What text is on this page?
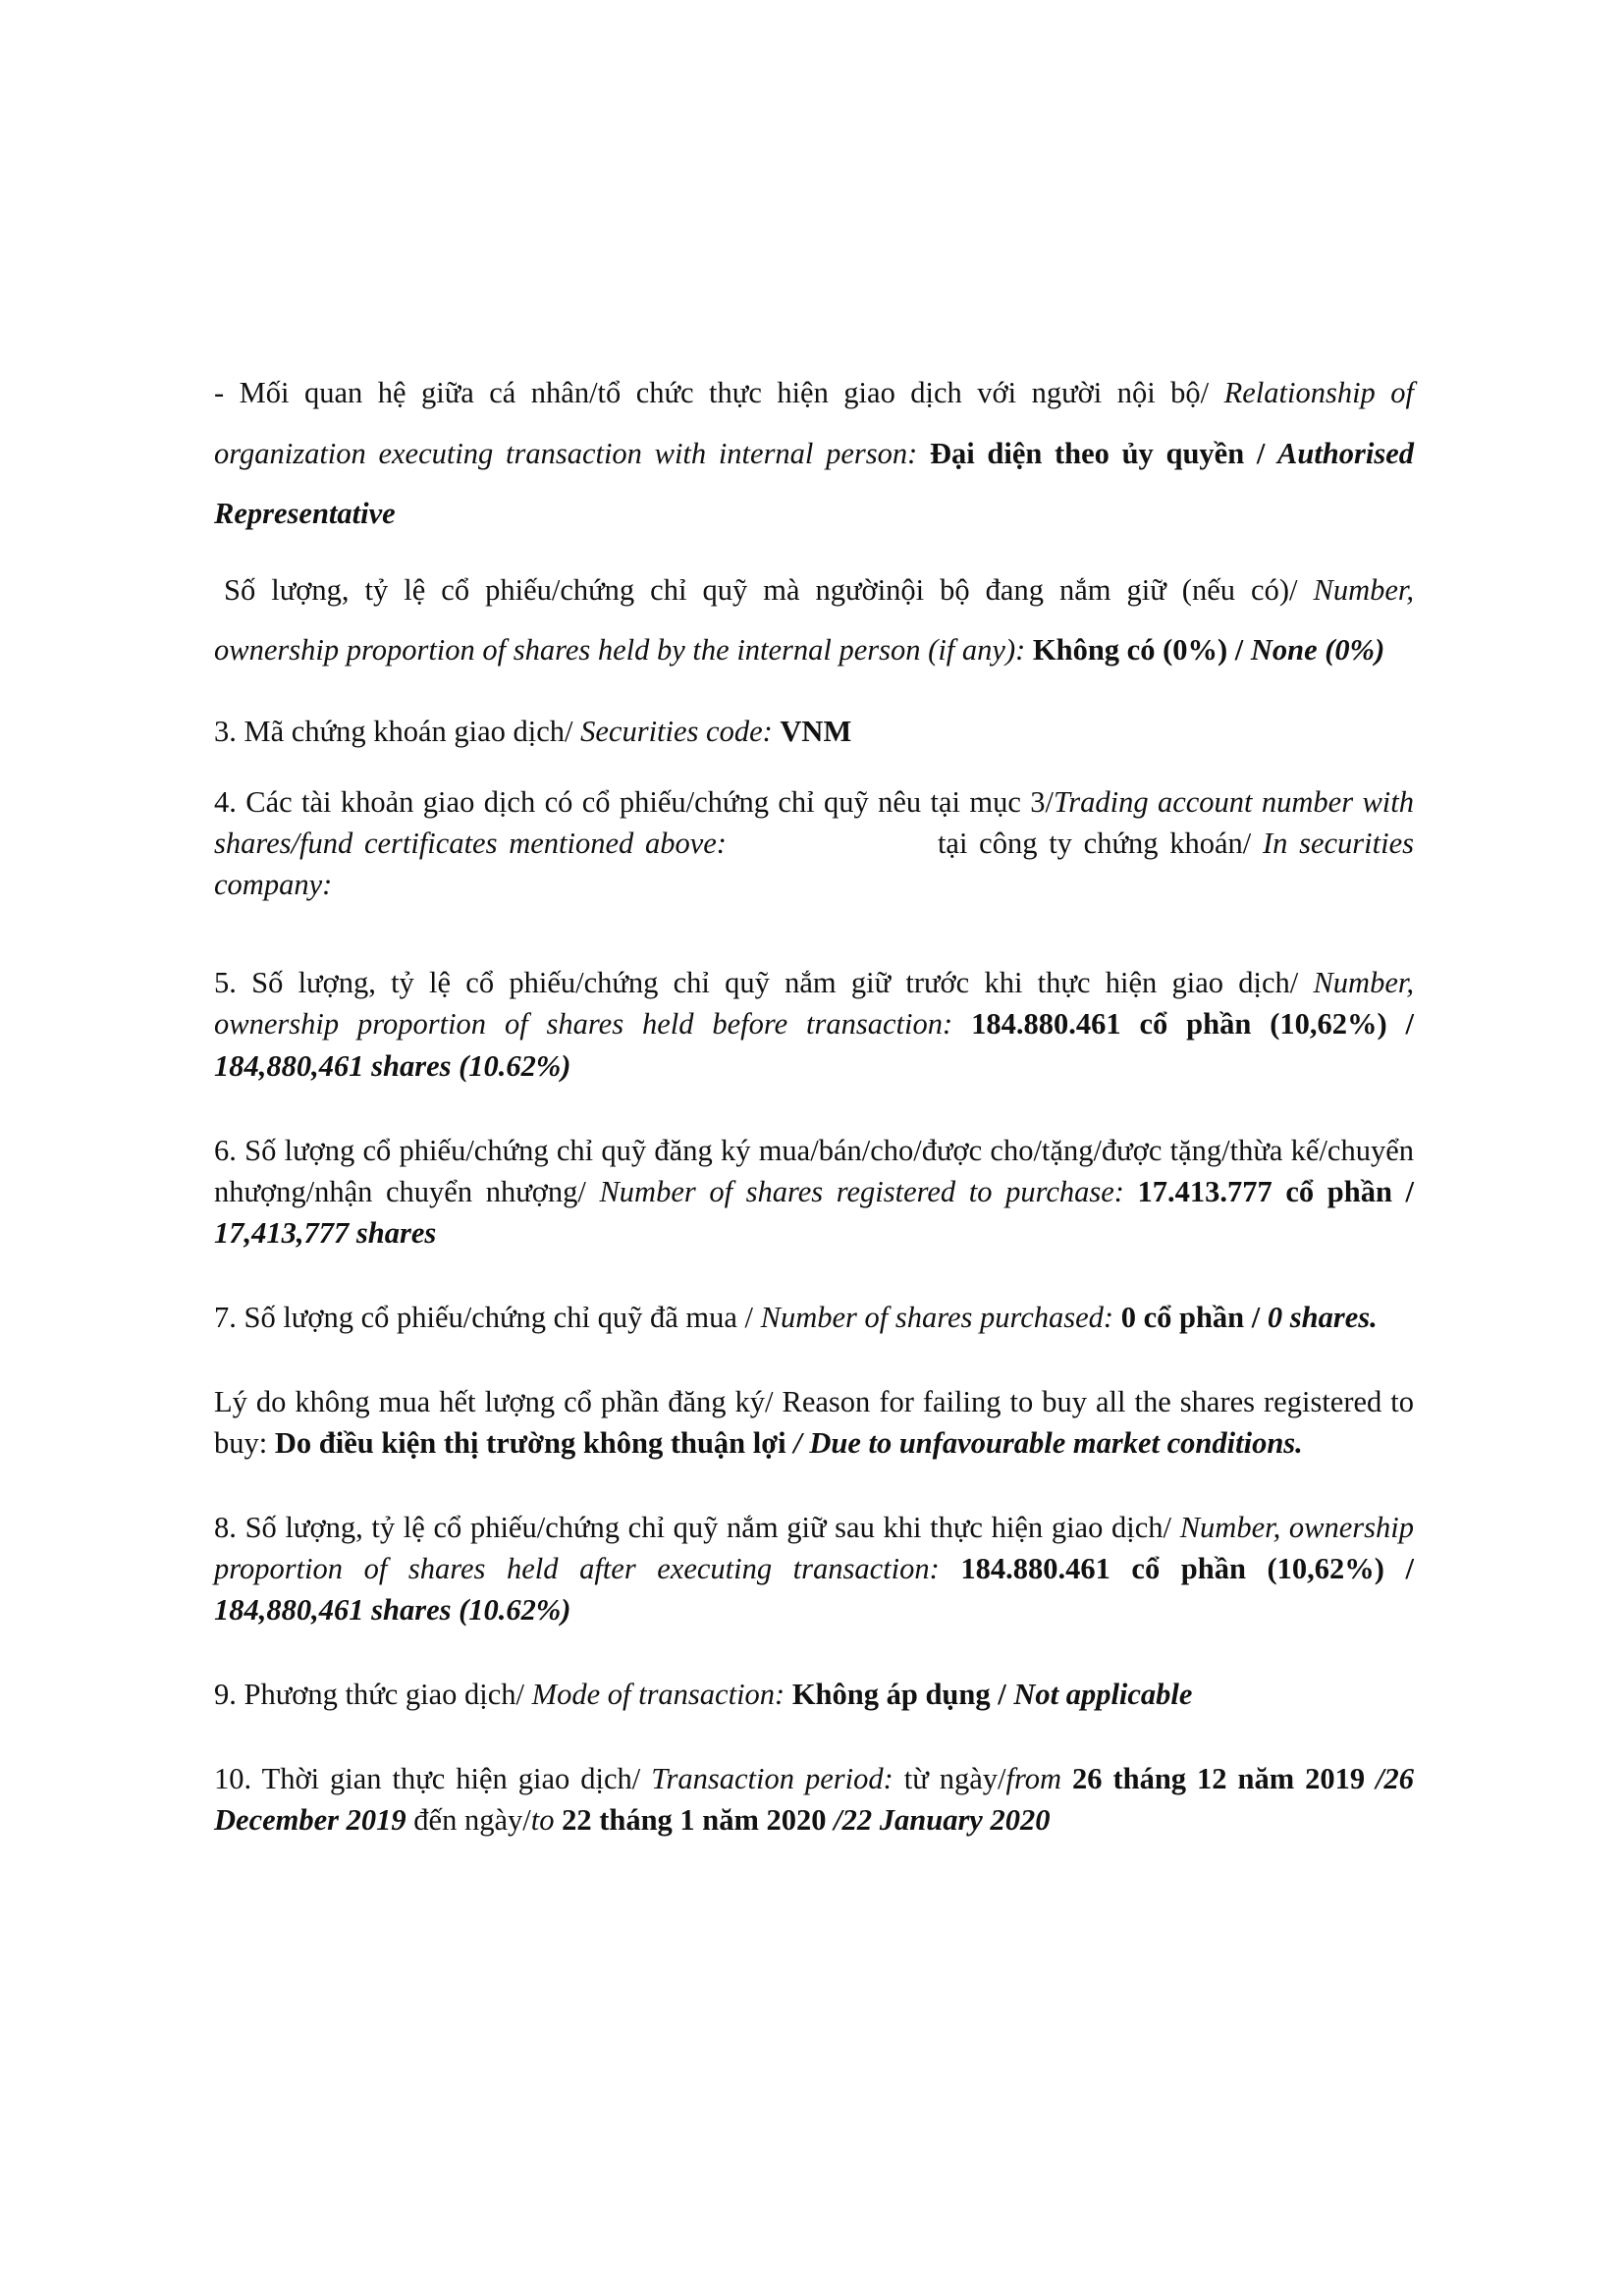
- Mối quan hệ giữa cá nhân/tổ chức thực hiện giao dịch với người nội bộ/ Relationship of organization executing transaction with internal person: Đại diện theo ủy quyền / Authorised Representative

Số lượng, tỷ lệ cổ phiếu/chứng chỉ quỹ mà ngườinội bộ đang nắm giữ (nếu có)/ Number, ownership proportion of shares held by the internal person (if any): Không có (0%) / None (0%)

3. Mã chứng khoán giao dịch/ Securities code: VNM

4. Các tài khoản giao dịch có cổ phiếu/chứng chỉ quỹ nêu tại mục 3/Trading account number with shares/fund certificates mentioned above:	tại công ty chứng khoán/ In securities company:

5. Số lượng, tỷ lệ cổ phiếu/chứng chỉ quỹ nắm giữ trước khi thực hiện giao dịch/ Number, ownership proportion of shares held before transaction: 184.880.461 cổ phần (10,62%) / 184,880,461 shares (10.62%)

6. Số lượng cổ phiếu/chứng chỉ quỹ đăng ký mua/bán/cho/được cho/tặng/được tặng/thừa kế/chuyển nhượng/nhận chuyển nhượng/ Number of shares registered to purchase: 17.413.777 cổ phần / 17,413,777 shares

7. Số lượng cổ phiếu/chứng chỉ quỹ đã mua / Number of shares purchased: 0 cổ phần / 0 shares.

Lý do không mua hết lượng cổ phần đăng ký/ Reason for failing to buy all the shares registered to buy: Do điều kiện thị trường không thuận lợi / Due to unfavourable market conditions.

8. Số lượng, tỷ lệ cổ phiếu/chứng chỉ quỹ nắm giữ sau khi thực hiện giao dịch/ Number, ownership proportion of shares held after executing transaction: 184.880.461 cổ phần (10,62%) / 184,880,461 shares (10.62%)

9. Phương thức giao dịch/ Mode of transaction: Không áp dụng / Not applicable

10. Thời gian thực hiện giao dịch/ Transaction period: từ ngày/from 26 tháng 12 năm 2019 /26 December 2019 đến ngày/to 22 tháng 1 năm 2020 /22 January 2020
